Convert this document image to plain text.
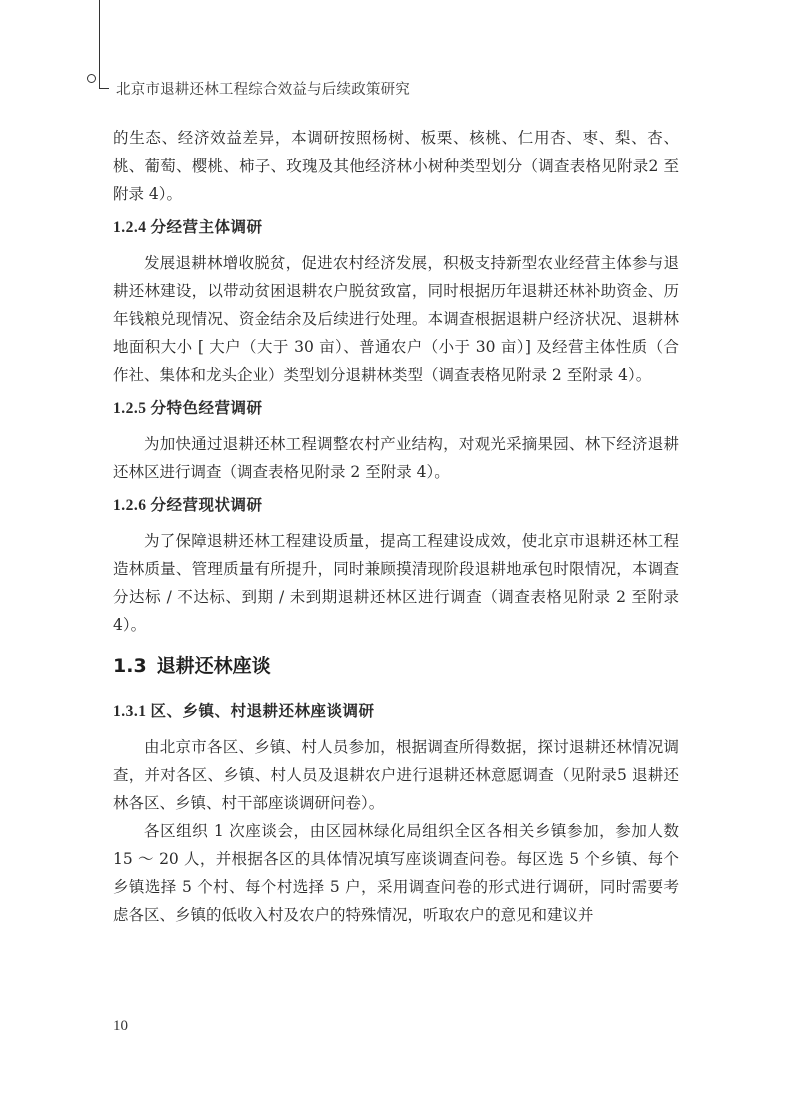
北京市退耕还林工程综合效益与后续政策研究

的生态、经济效益差异，本调研按照杨树、板栗、核桃、仁用杏、枣、梨、杏、桃、葡萄、樱桃、柿子、玫瑰及其他经济林小树种类型划分（调查表格见附录2 至附录 4）。

1.2.4 分经营主体调研

发展退耕林增收脱贫，促进农村经济发展，积极支持新型农业经营主体参与退耕还林建设，以带动贫困退耕农户脱贫致富，同时根据历年退耕还林补助资金、历年钱粮兑现情况、资金结余及后续进行处理。本调查根据退耕户经济状况、退耕林地面积大小 [ 大户（大于 30 亩）、普通农户（小于 30 亩）] 及经营主体性质（合作社、集体和龙头企业）类型划分退耕林类型（调查表格见附录 2 至附录 4）。

1.2.5 分特色经营调研

为加快通过退耕还林工程调整农村产业结构，对观光采摘果园、林下经济退耕还林区进行调查（调查表格见附录 2 至附录 4）。

1.2.6 分经营现状调研

为了保障退耕还林工程建设质量，提高工程建设成效，使北京市退耕还林工程造林质量、管理质量有所提升，同时兼顾摸清现阶段退耕地承包时限情况，本调查分达标 / 不达标、到期 / 未到期退耕还林区进行调查（调查表格见附录 2 至附录 4）。

1.3 退耕还林座谈
1.3.1 区、乡镇、村退耕还林座谈调研

由北京市各区、乡镇、村人员参加，根据调查所得数据，探讨退耕还林情况调查，并对各区、乡镇、村人员及退耕农户进行退耕还林意愿调查（见附录5 退耕还林各区、乡镇、村干部座谈调研问卷）。

各区组织 1 次座谈会，由区园林绿化局组织全区各相关乡镇参加，参加人数 15 ～ 20 人，并根据各区的具体情况填写座谈调查问卷。每区选 5 个乡镇、每个乡镇选择 5 个村、每个村选择 5 户，采用调查问卷的形式进行调研，同时需要考虑各区、乡镇的低收入村及农户的特殊情况，听取农户的意见和建议并

10
